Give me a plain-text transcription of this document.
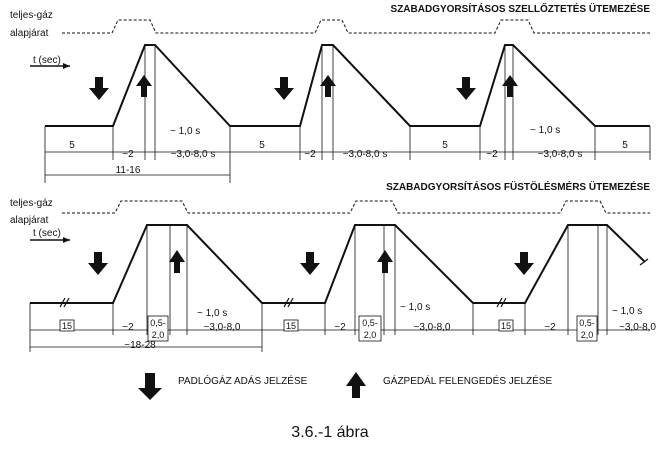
SZABADGYORSÍTÁSOS SZELLŐZTETÉS ÜTEMEZÉSE
teljes-gáz
alapjárat
t (sec)
5
~2
~ 1,0 s
~3,0-8,0 s
11-16
5
~2	~3,0-8,0 s
5
~2
~ 1,0 s
~3,0-8,0 s
5
SZABADGYORSÍTÁSOS FÜSTÖLÉSMÉRS ÜTEMEZÉSE
teljes-gáz
alapjárat
t (sec)
15	~2 0,5-
2,0
~ 1,0 s
~3,0-8,0
~18-28
15	~2 0,5-
2,0
~ 1,0 s
~3,0-8,0	15	~2	0,5-
2,0
~ 1,0 s
~3,0-8,0
PADLÓGÁZ ADÁS JELZÉSE	GÁZPEDÁL FELENGEDÉS JELZÉSE
3.6.-1 ábra
